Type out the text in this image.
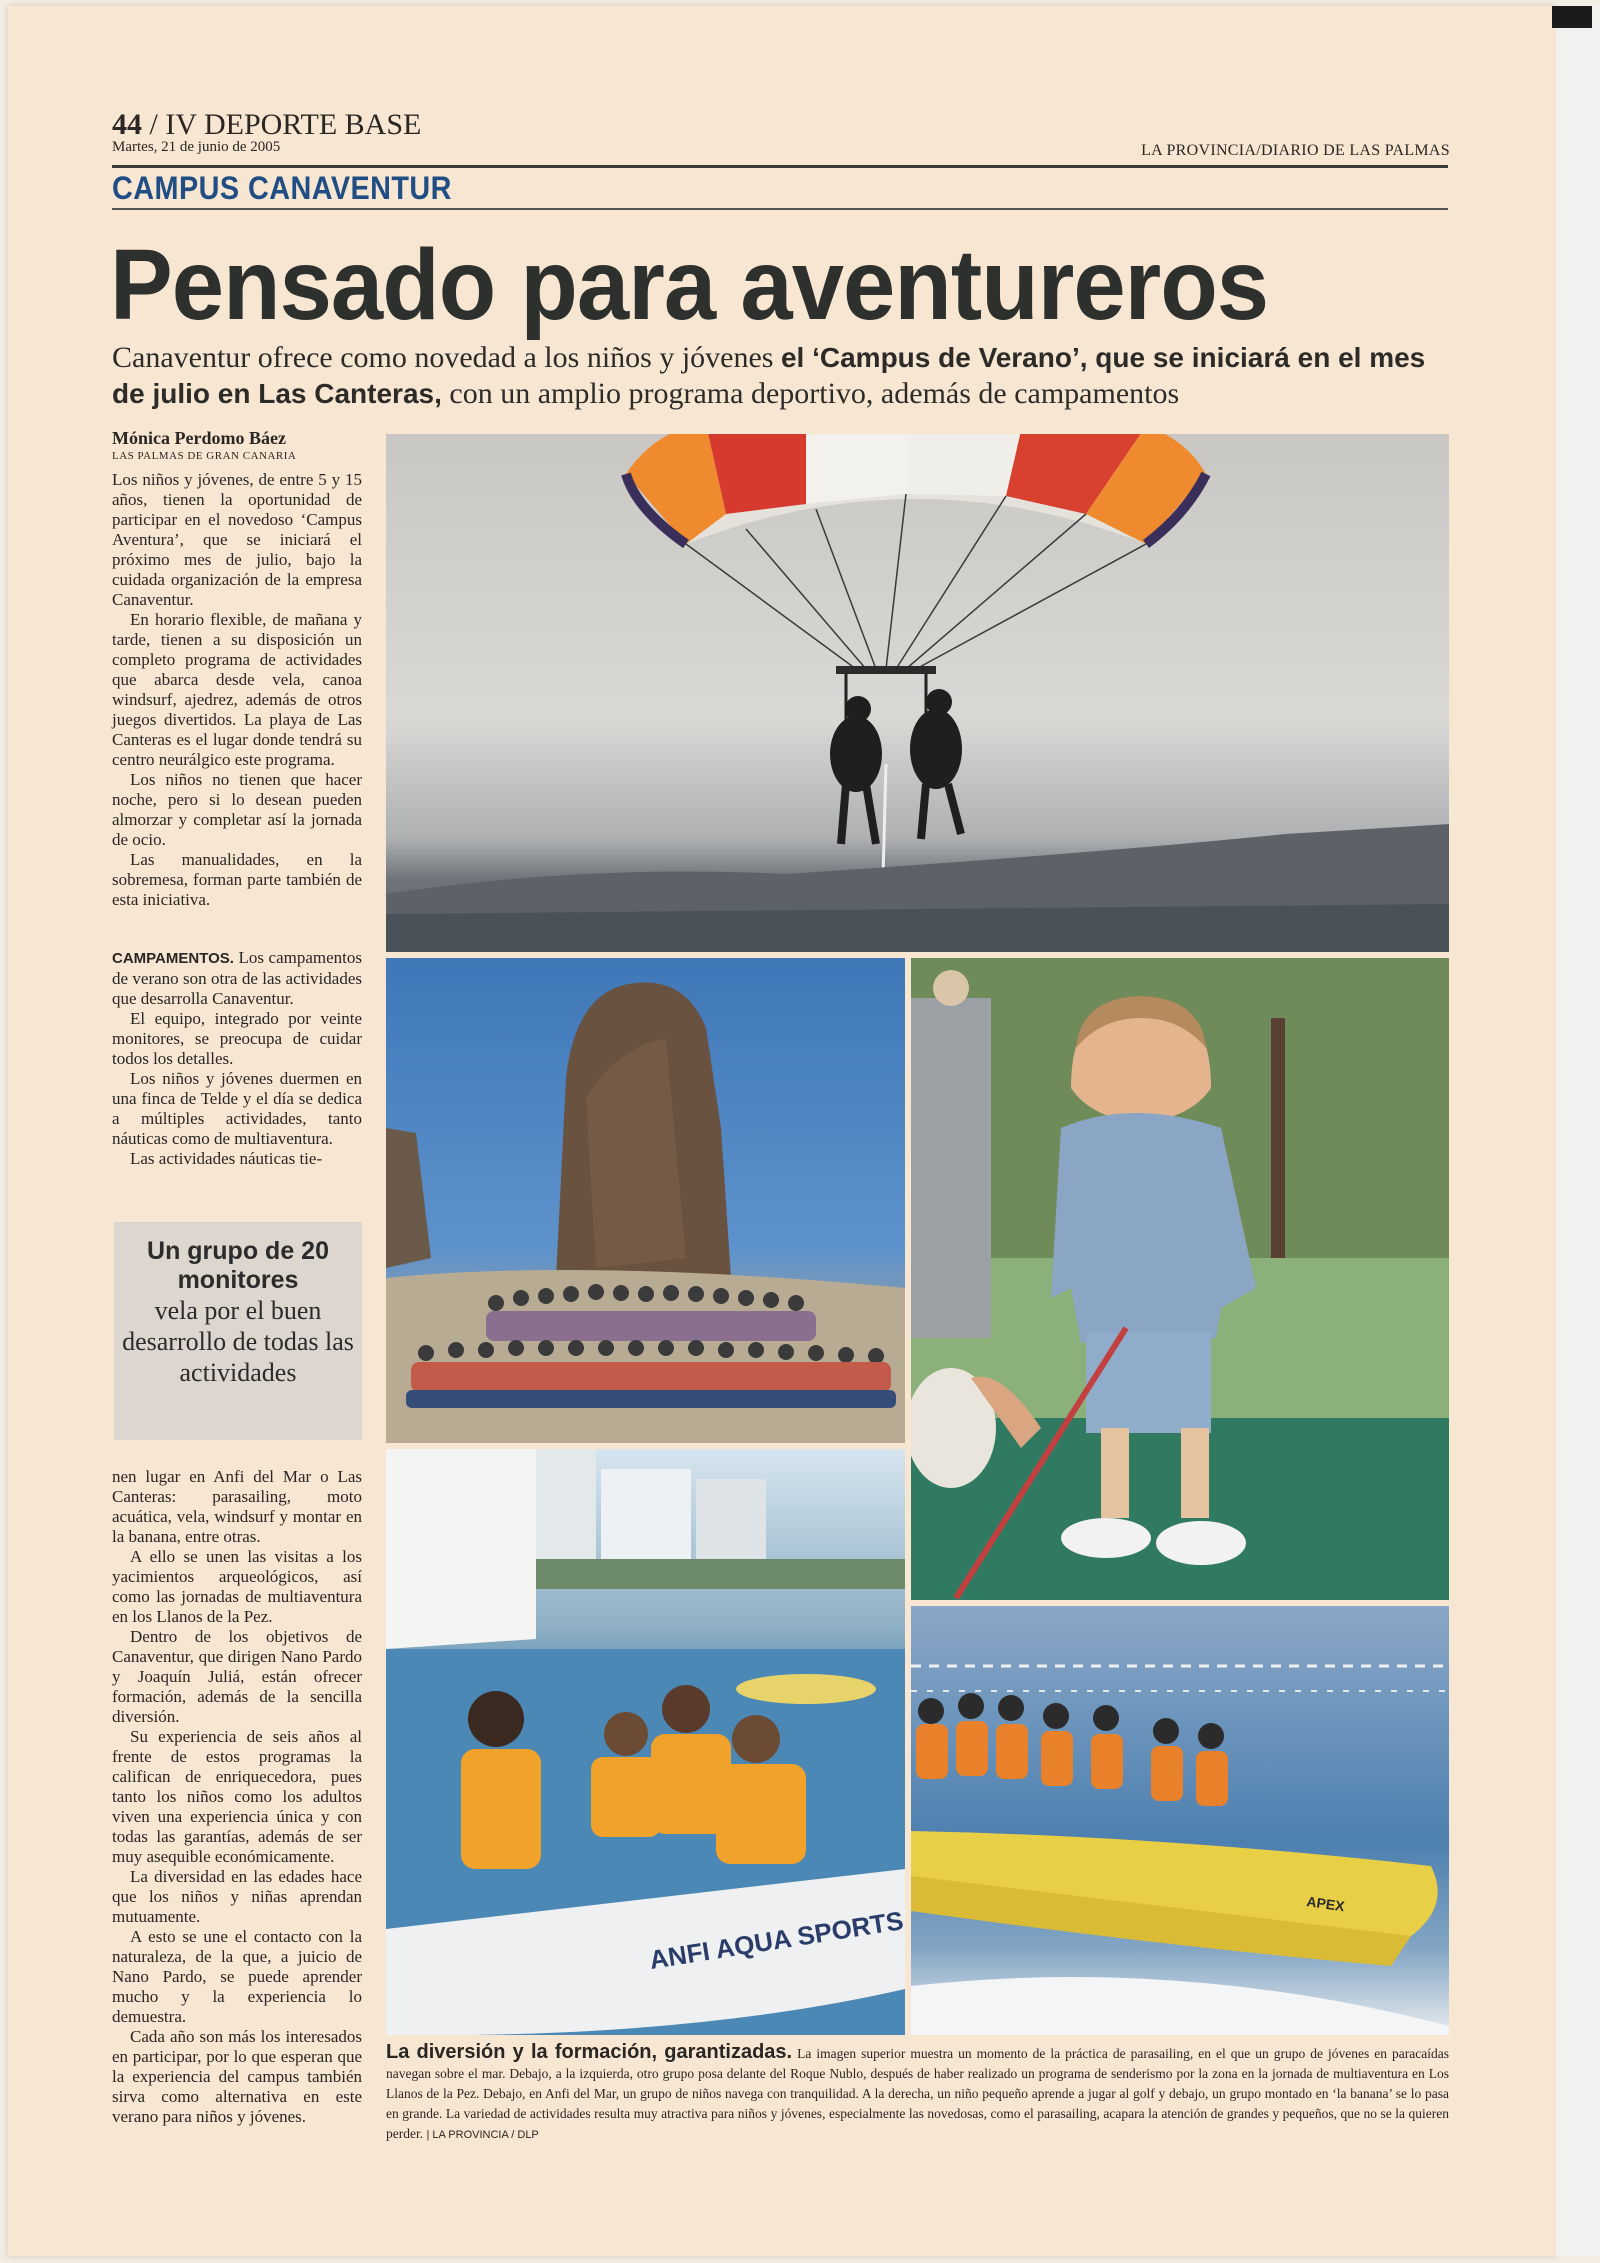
44 / IV DEPORTE BASE
Martes, 21 de junio de 2005	LA PROVINCIA/DIARIO DE LAS PALMAS
CAMPUS CANAVENTUR
Pensado para aventureros
Canaventur ofrece como novedad a los niños y jóvenes el ‘Campus de Verano’, que se iniciará en el mes de julio en Las Canteras, con un amplio programa deportivo, además de campamentos
Mónica Perdomo Báez
LAS PALMAS DE GRAN CANARIA

Los niños y jóvenes, de entre 5 y 15 años, tienen la oportunidad de participar en el novedoso ‘Campus Aventura’, que se iniciará el próximo mes de julio, bajo la cuidada organización de la empresa Canaventur.

En horario flexible, de mañana y tarde, tienen a su disposición un completo programa de actividades que abarca desde vela, canoa windsurf, ajedrez, además de otros juegos divertidos. La playa de Las Canteras es el lugar donde tendrá su centro neurálgico este programa.

Los niños no tienen que hacer noche, pero si lo desean pueden almorzar y completar así la jornada de ocio.

Las manualidades, en la sobremesa, forman parte también de esta iniciativa.

CAMPAMENTOS. Los campamentos de verano son otra de las actividades que desarrolla Canaventur.

El equipo, integrado por veinte monitores, se preocupa de cuidar todos los detalles.

Los niños y jóvenes duermen en una finca de Telde y el día se dedica a múltiples actividades, tanto náuticas como de multiaventura.

Las actividades náuticas tie-

Un grupo de 20 monitores
vela por el buen desarrollo de todas las actividades

nen lugar en Anfi del Mar o Las Canteras: parasailing, moto acuática, vela, windsurf y montar en la banana, entre otras.

A ello se unen las visitas a los yacimientos arqueológicos, así como las jornadas de multiaventura en los Llanos de la Pez.

Dentro de los objetivos de Canaventur, que dirigen Nano Pardo y Joaquín Juliá, están ofrecer formación, además de la sencilla diversión.

Su experiencia de seis años al frente de estos programas la califican de enriquecedora, pues tanto los niños como los adultos viven una experiencia única y con todas las garantías, además de ser muy asequible económicamente.

La diversidad en las edades hace que los niños y niñas aprendan mutuamente.

A esto se une el contacto con la naturaleza, de la que, a juicio de Nano Pardo, se puede aprender mucho y la experiencia lo demuestra.

Cada año son más los interesados en participar, por lo que esperan que la experiencia del campus también sirva como alternativa en este verano para niños y jóvenes.

ANFI AQUA SPORTS
APEX
La diversión y la formación, garantizadas. La imagen superior muestra un momento de la práctica de parasailing, en el que un grupo de jóvenes en paracaídas navegan sobre el mar. Debajo, a la izquierda, otro grupo posa delante del Roque Nublo, después de haber realizado un programa de senderismo por la zona en la jornada de multiaventura en Los Llanos de la Pez. Debajo, en Anfi del Mar, un grupo de niños navega con tranquilidad. A la derecha, un niño pequeño aprende a jugar al golf y debajo, un grupo montado en ‘la banana’ se lo pasa en grande. La variedad de actividades resulta muy atractiva para niños y jóvenes, especialmente las novedosas, como el parasailing, acapara la atención de grandes y pequeños, que no se la quieren perder. | LA PROVINCIA / DLP
